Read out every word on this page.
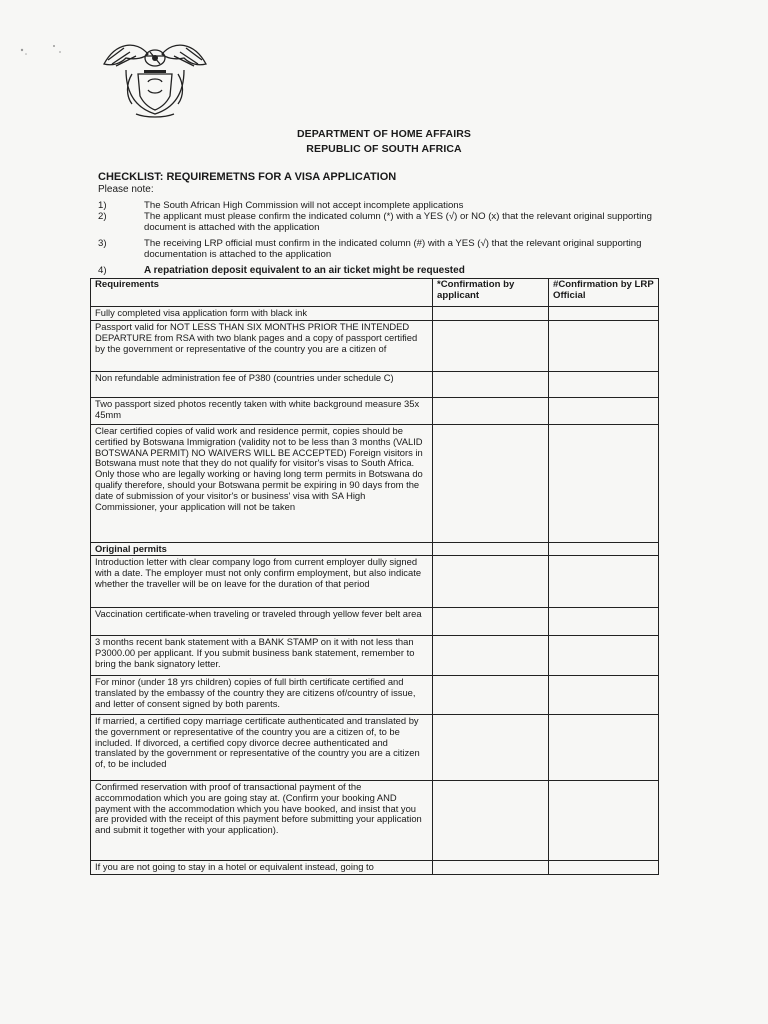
DEPARTMENT OF HOME AFFAIRS
REPUBLIC OF SOUTH AFRICA
CHECKLIST: REQUIREMETNS FOR A VISA APPLICATION
Please note:
1)	The South African High Commission will not accept incomplete applications
2)	The applicant must please confirm the indicated column (*) with a YES (√) or NO (x) that the relevant original supporting document is attached with the application
3)	The receiving LRP official must confirm in the indicated column (#) with a YES (√) that the relevant original supporting documentation is attached to the application
4)	A repatriation deposit equivalent to an air ticket might be requested
Requirements	*Confirmation by applicant	#Confirmation by LRP Official
Fully completed visa application form with black ink		
Passport valid for NOT LESS THAN SIX MONTHS PRIOR THE INTENDED DEPARTURE from RSA with two blank pages and a copy of passport certified by the government or representative of the country you are a citizen of		
Non refundable administration fee of P380 (countries under schedule C)		
Two passport sized photos recently taken with white background measure 35x 45mm		
Clear certified copies of valid work and residence permit, copies should be certified by Botswana Immigration (validity not to be less than 3 months (VALID BOTSWANA PERMIT) NO WAIVERS WILL BE ACCEPTED) Foreign visitors in Botswana must note that they do not qualify for visitor's visas to South Africa. Only those who are legally working or having long term permits in Botswana do qualify therefore, should your Botswana permit be expiring in 90 days from the date of submission of your visitor's or business' visa with SA High Commissioner, your application will not be taken		
Original permits		
Introduction letter with clear company logo from current employer dully signed with a date. The employer must not only confirm employment, but also indicate whether the traveller will be on leave for the duration of that period		
Vaccination certificate-when traveling or traveled through yellow fever belt area		
3 months recent bank statement with a BANK STAMP on it with not less than P3000.00 per applicant. If you submit business bank statement, remember to bring the bank signatory letter.		
For minor (under 18 yrs children) copies of full birth certificate certified and translated by the embassy of the country they are citizens of/country of issue, and letter of consent signed by both parents.		
If married, a certified copy marriage certificate authenticated and translated by the government or representative of the country you are a citizen of, to be included. If divorced, a certified copy divorce decree authenticated and translated by the government or representative of the country you are a citizen of, to be included		
Confirmed reservation with proof of transactional payment of the accommodation which you are going stay at. (Confirm your booking AND payment with the accommodation which you have booked, and insist that you are provided with the receipt of this payment before submitting your application and submit it together with your application).		
If you are not going to stay in a hotel or equivalent instead, going to		
